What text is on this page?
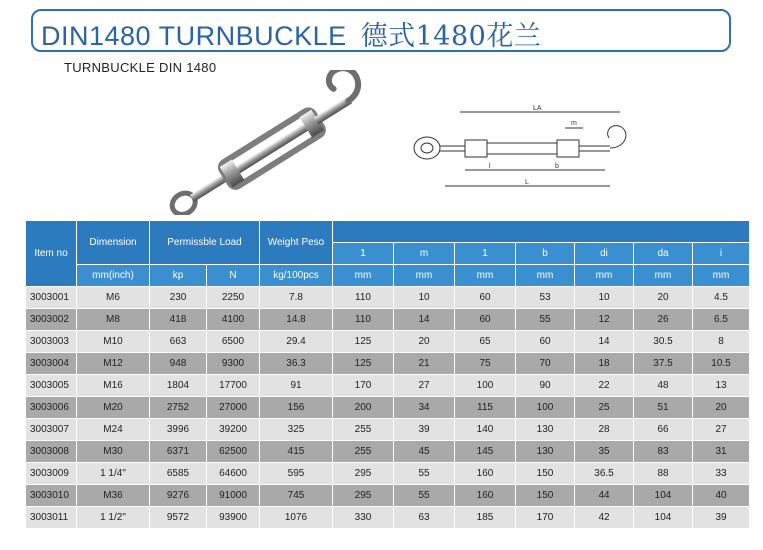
DIN1480 TURNBUCKLE 德式1480花兰
TURNBUCKLE DIN 1480
LA
m
l	b
L
Item no	Dimension	Permissble Load		Weight Peso							
					1	m	1	b	di	da	i
	mm(inch)	kp	N	kg/100pcs	mm	mm	mm	mm	mm	mm	mm
3003001	M6	230	2250	7.8	110	10	60	53	10	20	4.5
3003002	M8	418	4100	14.8	110	14	60	55	12	26	6.5
3003003	M10	663	6500	29.4	125	20	65	60	14	30.5	8
3003004	M12	948	9300	36.3	125	21	75	70	18	37.5	10.5
3003005	M16	1804	17700	91	170	27	100	90	22	48	13
3003006	M20	2752	27000	156	200	34	115	100	25	51	20
3003007	M24	3996	39200	325	255	39	140	130	28	66	27
3003008	M30	6371	62500	415	255	45	145	130	35	83	31
3003009	1 1/4"	6585	64600	595	295	55	160	150	36.5	88	33
3003010	M36	9276	91000	745	295	55	160	150	44	104	40
3003011	1 1/2"	9572	93900	1076	330	63	185	170	42	104	39
